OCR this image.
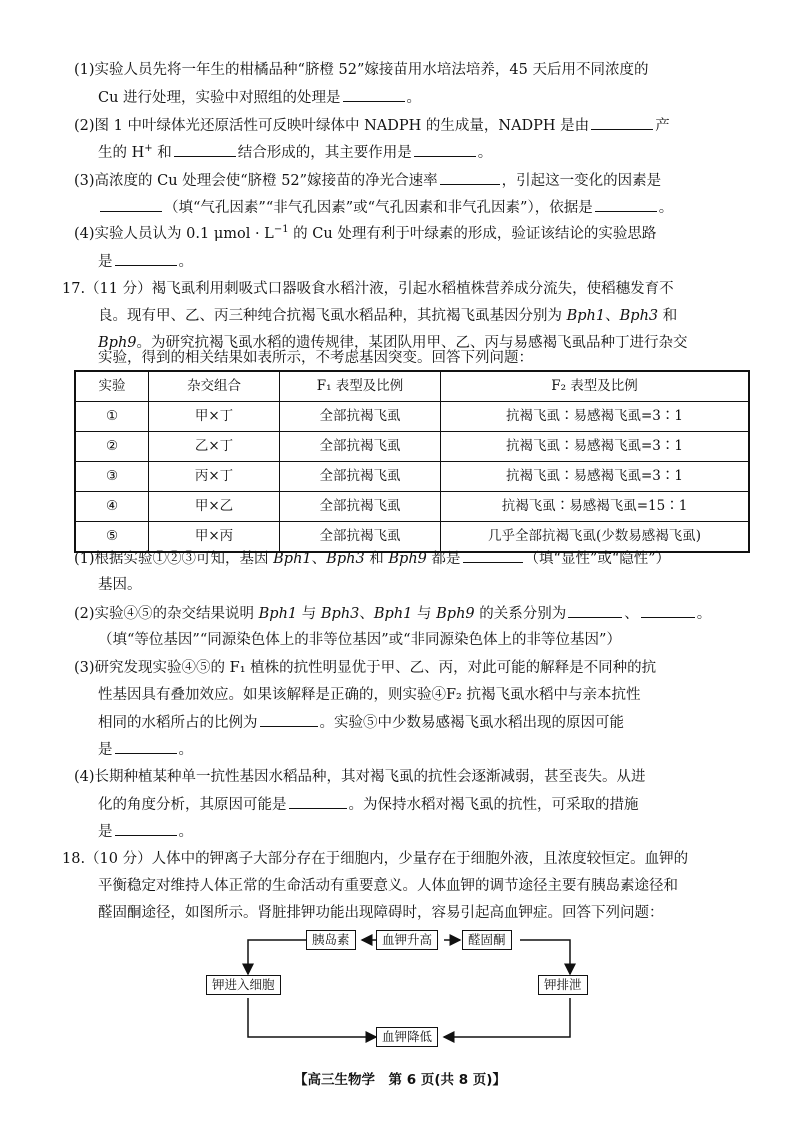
(1)实验人员先将一年生的柑橘品种“脐橙 52”嫁接苗用水培法培养，45 天后用不同浓度的
Cu 进行处理，实验中对照组的处理是	。
(2)图 1 中叶绿体光还原活性可反映叶绿体中 NADPH 的生成量，NADPH 是由	产
生的 H+ 和	结合形成的，其主要作用是	。
(3)高浓度的 Cu 处理会使“脐橙 52”嫁接苗的净光合速率	，引起这一变化的因素是
（填“气孔因素”“非气孔因素”或“气孔因素和非气孔因素”），依据是	。
(4)实验人员认为 0.1 $\mu mol \cdot L^{-1}$ 的 Cu 处理有利于叶绿素的形成，验证该结论的实验思路
是	。
17.（11 分）褐飞虱利用刺吸式口器吸食水稻汁液，引起水稻植株营养成分流失，使稻穗发育不
良。现有甲、乙、丙三种纯合抗褐飞虱水稻品种，其抗褐飞虱基因分别为 Bph1、Bph3 和
Bph9。为研究抗褐飞虱水稻的遗传规律，某团队用甲、乙、丙与易感褐飞虱品种丁进行杂交
实验，得到的相关结果如表所示，不考虑基因突变。回答下列问题：
实验	杂交组合	F₁ 表型及比例	F₂ 表型及比例
①	甲×丁	全部抗褐飞虱	抗褐飞虱∶易感褐飞虱=3∶1
②	乙×丁	全部抗褐飞虱	抗褐飞虱∶易感褐飞虱=3∶1
③	丙×丁	全部抗褐飞虱	抗褐飞虱∶易感褐飞虱=3∶1
④	甲×乙	全部抗褐飞虱	抗褐飞虱∶易感褐飞虱=15∶1
⑤	甲×丙	全部抗褐飞虱	几乎全部抗褐飞虱(少数易感褐飞虱)
(1)根据实验①②③可知，基因 Bph1、Bph3 和 Bph9 都是	（填“显性”或“隐性”）
基因。
(2)实验④⑤的杂交结果说明 Bph1 与 Bph3、Bph1 与 Bph9 的关系分别为	、	。
（填“等位基因”“同源染色体上的非等位基因”或“非同源染色体上的非等位基因”）
(3)研究发现实验④⑤的 F₁ 植株的抗性明显优于甲、乙、丙，对此可能的解释是不同种的抗
性基因具有叠加效应。如果该解释是正确的，则实验④F₂ 抗褐飞虱水稻中与亲本抗性
相同的水稻所占的比例为	。实验⑤中少数易感褐飞虱水稻出现的原因可能
是	。
(4)长期种植某种单一抗性基因水稻品种，其对褐飞虱的抗性会逐渐减弱，甚至丧失。从进
化的角度分析，其原因可能是	。为保持水稻对褐飞虱的抗性，可采取的措施
是	。
18.（10 分）人体中的钾离子大部分存在于细胞内，少量存在于细胞外液，且浓度较恒定。血钾的
平衡稳定对维持人体正常的生命活动有重要意义。人体血钾的调节途径主要有胰岛素途径和
胰岛素	血钾升高	醛固酮
钾进入细胞	钾排泄
血钾降低
【高三生物学　第 6 页(共 8 页)】
醛固酮途径，如图所示。肾脏排钾功能出现障碍时，容易引起高血钾症。回答下列问题：
